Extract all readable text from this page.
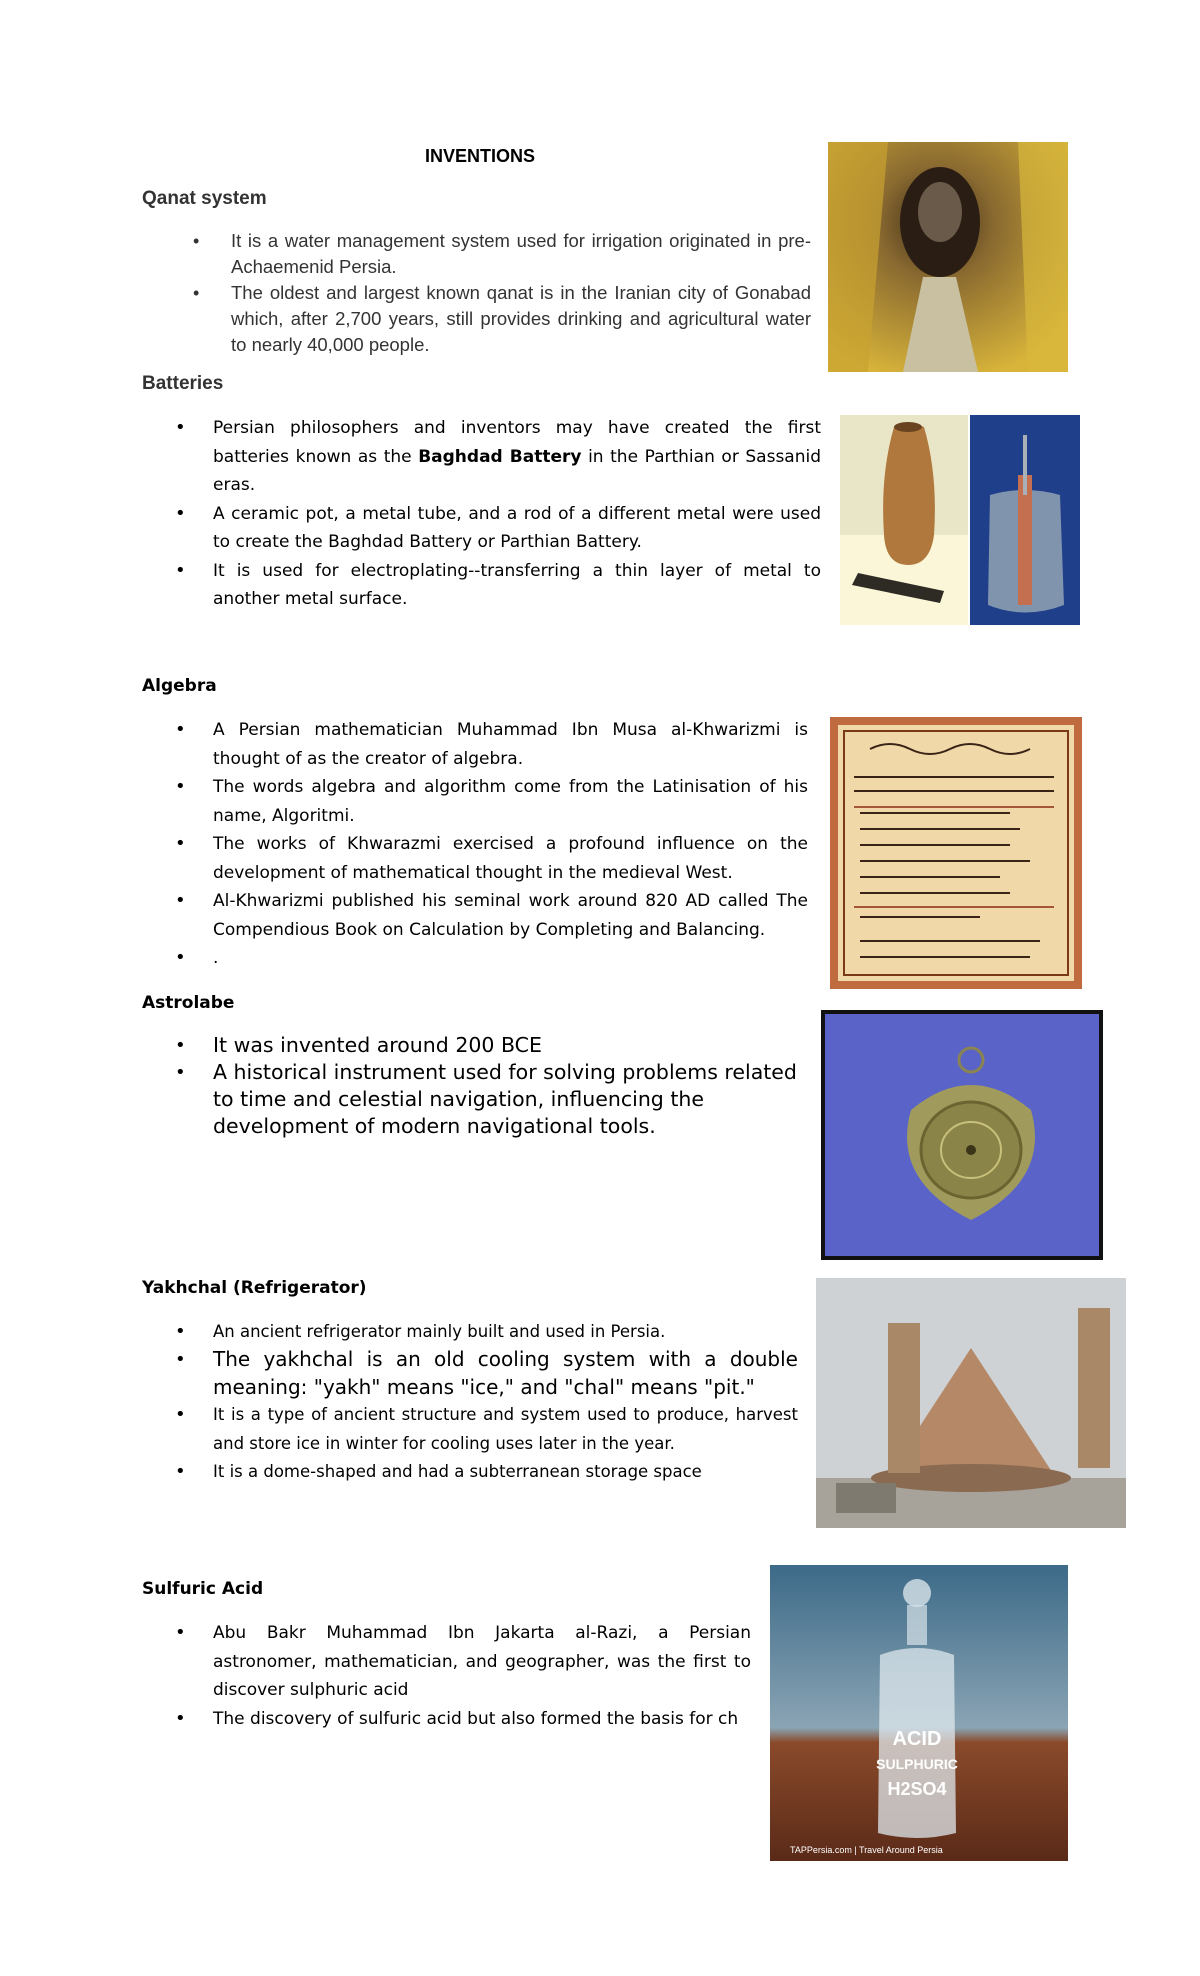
INVENTIONS
Qanat system
• It is a water management system used for irrigation originated in pre-Achaemenid Persia.
• The oldest and largest known qanat is in the Iranian city of Gonabad which, after 2,700 years, still provides drinking and agricultural water to nearly 40,000 people.
Batteries
• Persian philosophers and inventors may have created the first batteries known as the Baghdad Battery in the Parthian or Sassanid eras.
• A ceramic pot, a metal tube, and a rod of a different metal were used to create the Baghdad Battery or Parthian Battery.
• It is used for electroplating--transferring a thin layer of metal to another metal surface.
Algebra
• A Persian mathematician Muhammad Ibn Musa al-Khwarizmi is thought of as the creator of algebra.
• The words algebra and algorithm come from the Latinisation of his name, Algoritmi.
• The works of Khwarazmi exercised a profound influence on the development of mathematical thought in the medieval West.
• Al-Khwarizmi published his seminal work around 820 AD called The Compendious Book on Calculation by Completing and Balancing.
• .
Astrolabe
• It was invented around 200 BCE
• A historical instrument used for solving problems related to time and celestial navigation, influencing the development of modern navigational tools.
Yakhchal (Refrigerator)
• An ancient refrigerator mainly built and used in Persia.
• The yakhchal is an old cooling system with a double meaning: "yakh" means "ice," and "chal" means "pit."
• It is a type of ancient structure and system used to produce, harvest and store ice in winter for cooling uses later in the year.
• It is a dome-shaped and had a subterranean storage space
Sulfuric Acid
• Abu Bakr Muhammad Ibn Jakarta al-Razi, a Persian astronomer, mathematician, and geographer, was the first to discover sulphuric acid
• The discovery of sulfuric acid but also formed the basis for ch
ACID
SULPHURIC
H2SO4
TAPPersia.com | Travel Around Persia
